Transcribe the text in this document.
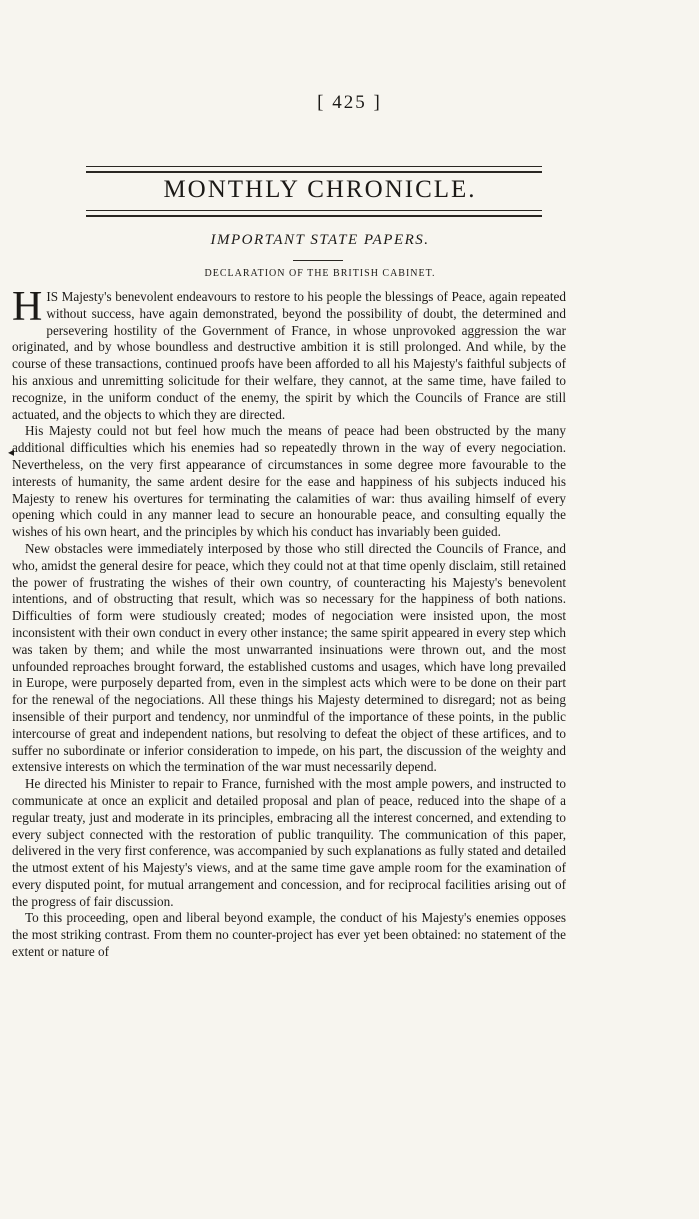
[ 425 ]
MONTHLY CHRONICLE.
IMPORTANT STATE PAPERS.
DECLARATION OF THE BRITISH CABINET.
◂

HIS Majesty's benevolent endeavours to restore to his people the blessings of Peace, again repeated without success, have again demonstrated, beyond the possibility of doubt, the determined and persevering hostility of the Government of France, in whose unprovoked aggression the war originated, and by whose boundless and destructive ambition it is still prolonged. And while, by the course of these transactions, continued proofs have been afforded to all his Majesty's faithful subjects of his anxious and unremitting solicitude for their welfare, they cannot, at the same time, have failed to recognize, in the uniform conduct of the enemy, the spirit by which the Councils of France are still actuated, and the objects to which they are directed.

His Majesty could not but feel how much the means of peace had been obstructed by the many additional difficulties which his enemies had so repeatedly thrown in the way of every negociation. Nevertheless, on the very first appearance of circumstances in some degree more favourable to the interests of humanity, the same ardent desire for the ease and happiness of his subjects induced his Majesty to renew his overtures for terminating the calamities of war: thus availing himself of every opening which could in any manner lead to secure an honourable peace, and consulting equally the wishes of his own heart, and the principles by which his conduct has invariably been guided.

New obstacles were immediately interposed by those who still directed the Councils of France, and who, amidst the general desire for peace, which they could not at that time openly disclaim, still retained the power of frustrating the wishes of their own country, of counteracting his Majesty's benevolent intentions, and of obstructing that result, which was so necessary for the happiness of both nations. Difficulties of form were studiously created; modes of negociation were insisted upon, the most inconsistent with their own conduct in every other instance; the same spirit appeared in every step which was taken by them; and while the most unwarranted insinuations were thrown out, and the most unfounded reproaches brought forward, the established customs and usages, which have long prevailed in Europe, were purposely departed from, even in the simplest acts which were to be done on their part for the renewal of the negociations. All these things his Majesty determined to disregard; not as being insensible of their purport and tendency, nor unmindful of the importance of these points, in the public intercourse of great and independent nations, but resolving to defeat the object of these artifices, and to suffer no subordinate or inferior consideration to impede, on his part, the discussion of the weighty and extensive interests on which the termination of the war must necessarily depend.

He directed his Minister to repair to France, furnished with the most ample powers, and instructed to communicate at once an explicit and detailed proposal and plan of peace, reduced into the shape of a regular treaty, just and moderate in its principles, embracing all the interest concerned, and extending to every subject connected with the restoration of public tranquility. The communication of this paper, delivered in the very first conference, was accompanied by such explanations as fully stated and detailed the utmost extent of his Majesty's views, and at the same time gave ample room for the examination of every disputed point, for mutual arrangement and concession, and for reciprocal facilities arising out of the progress of fair discussion.

To this proceeding, open and liberal beyond example, the conduct of his Majesty's enemies opposes the most striking contrast. From them no counter-project has ever yet been obtained: no statement of the extent or nature of
